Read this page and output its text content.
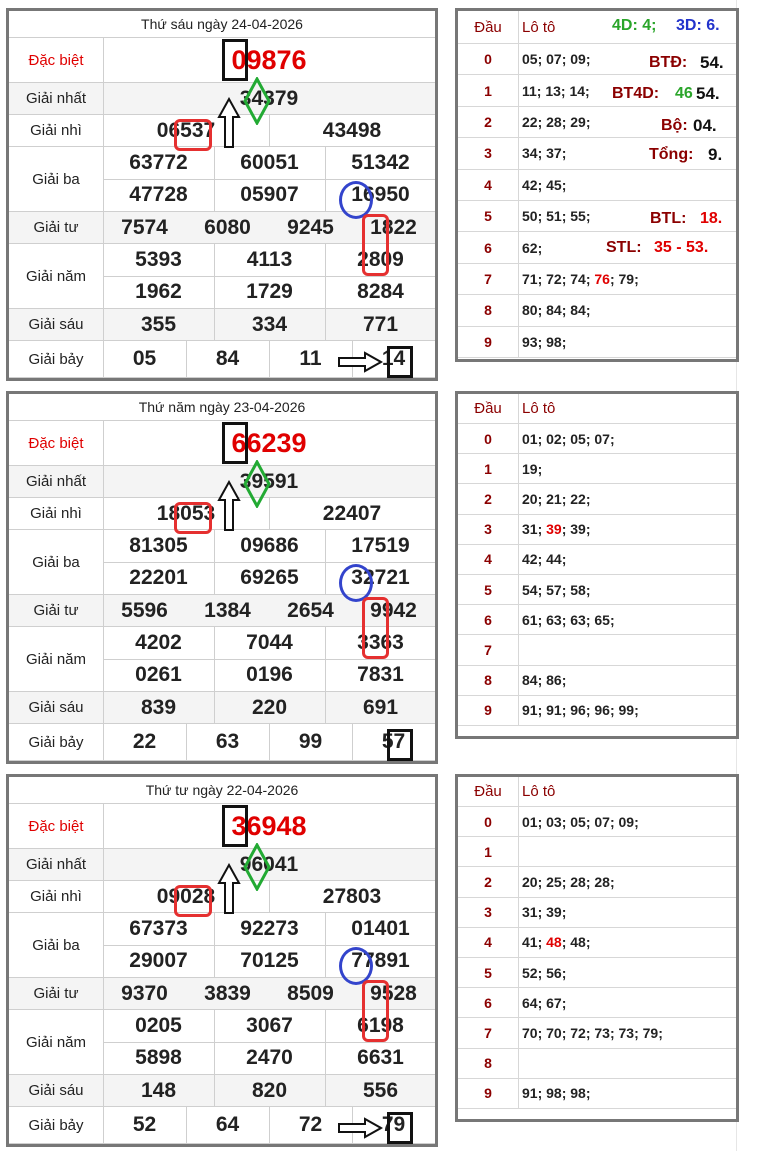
Thứ sáu ngày 24-04-2026
Đặc biệt	09876
Giải nhất	34379
Giải nhì	06537	43498
Giải ba
63772	60051	51342
47728	05907	16950
Giải tư	7574	6080	9245	1822
Giải năm
5393	4113	2809
1962	1729	8284
Giải sáu	355	334	771
Giải bảy	05	84	11	14
Đầu	Lô tô
0	05; 07; 09;
1	11; 13; 14;
2	22; 28; 29;
3	34; 37;
4	42; 45;
5	50; 51; 55;
6	62;
7	71; 72; 74; 76 ; 79;
8	80; 84; 84;
9	93; 98;
4D: 4; 3D: 6.
BTĐ: 54.
BT4D: 46 54.
Bộ: 04.
Tổng: 9.
BTL: 18.
STL: 35 - 53.
Thứ năm ngày 23-04-2026
Đặc biệt	66239
Giải nhất	39591
Giải nhì	18053	22407
Giải ba
81305	09686	17519
22201	69265	32721
Giải tư	5596	1384	2654	9942
Giải năm
4202	7044	3363
0261	0196	7831
Giải sáu	839	220	691
Giải bảy	22	63	99	57
Đầu	Lô tô
0	01; 02; 05; 07;
1	19;
2	20; 21; 22;
3	31; 39 ; 39;
4	42; 44;
5	54; 57; 58;
6	61; 63; 63; 65;
7
8	84; 86;
9	91; 91; 96; 96; 99;
Thứ tư ngày 22-04-2026
Đặc biệt	36948
Giải nhất	96041
Giải nhì	09028	27803
Giải ba
67373	92273	01401
29007	70125	77891
Giải tư	9370	3839	8509	9528
Giải năm
0205	3067	6198
5898	2470	6631
Giải sáu	148	820	556
Giải bảy	52	64	72	79
Đầu	Lô tô
0	01; 03; 05; 07; 09;
1
2	20; 25; 28; 28;
3	31; 39;
4	41; 48 ; 48;
5	52; 56;
6	64; 67;
7	70; 70; 72; 73; 73; 79;
8
9	91; 98; 98;
